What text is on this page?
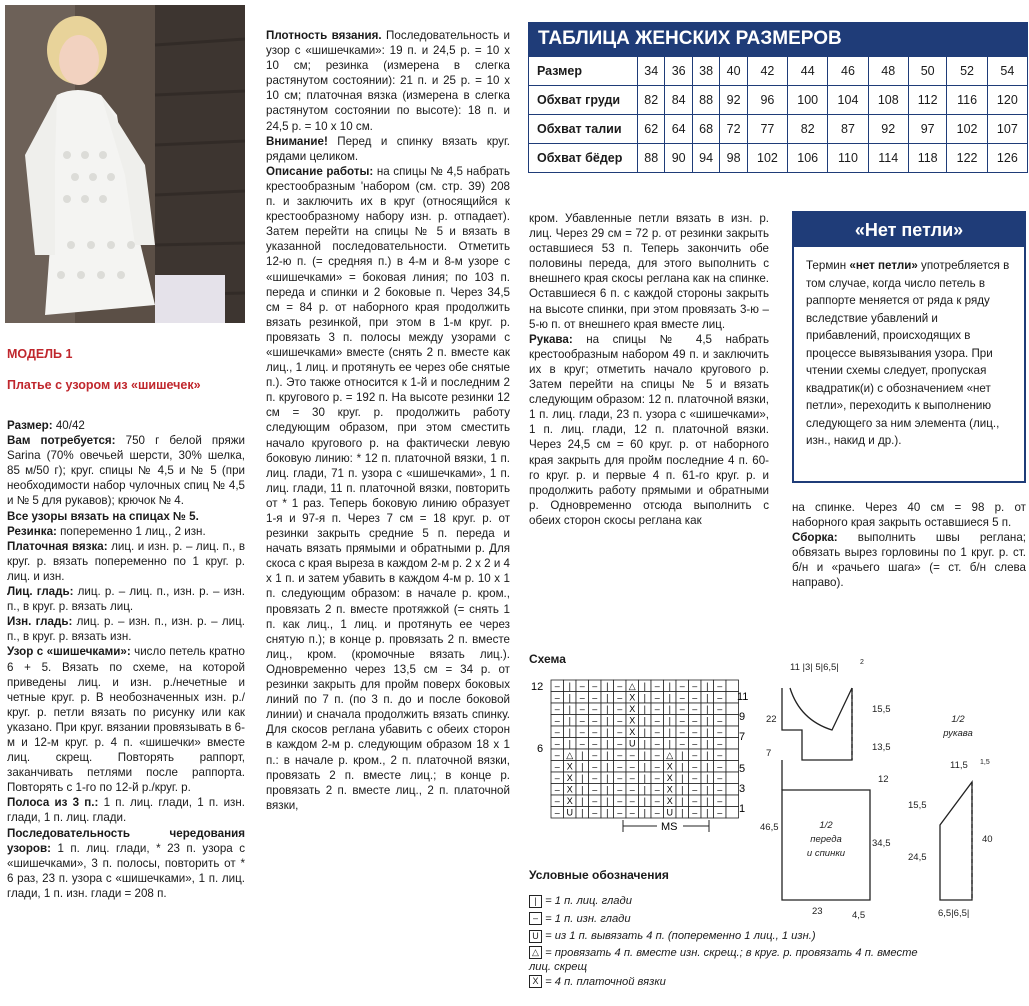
МОДЕЛЬ 1
Платье с узором из «шишечек»

Размер: 40/42

Вам потребуется: 750 г белой пряжи Sarina (70% овечьей шерсти, 30% шелка, 85 м/50 г); круг. спицы № 4,5 и № 5 (при необходимости набор чулочных спиц № 4,5 и № 5 для рукавов); крючок № 4.

Все узоры вязать на спицах № 5.

Резинка: попеременно 1 лиц., 2 изн.

Платочная вязка: лиц. и изн. р. – лиц. п., в круг. р. вязать попеременно по 1 круг. р. лиц. и изн.

Лиц. гладь: лиц. р. – лиц. п., изн. р. – изн. п., в круг. р. вязать лиц.

Изн. гладь: лиц. р. – изн. п., изн. р. – лиц. п., в круг. р. вязать изн.

Узор с «шишечками»: число петель кратно 6 + 5. Вязать по схеме, на которой приведены лиц. и изн. р./нечетные и четные круг. р. В необозначенных изн. р./круг. р. петли вязать по рисунку или как указано. При круг. вязании провязывать в 6-м и 12-м круг. р. 4 п. «шишечки» вместе лиц. скрещ. Повторять раппорт, заканчивать петлями после раппорта. Повторять с 1-го по 12-й р./круг. р.

Полоса из 3 п.: 1 п. лиц. глади, 1 п. изн. глади, 1 п. лиц. глади.

Последовательность чередования узоров: 1 п. лиц. глади, * 23 п. узора с «шишечками», 3 п. полосы, повторить от * 6 раз, 23 п. узора с «шишечками», 1 п. лиц. глади, 1 п. изн. глади = 208 п.

Плотность вязания. Последовательность и узор с «шишечками»: 19 п. и 24,5 р. = 10 х 10 см; резинка (измерена в слегка растянутом состоянии): 21 п. и 25 р. = 10 х 10 см; платочная вязка (измерена в слегка растянутом состоянии по высоте): 18 п. и 24,5 р. = 10 х 10 см.

Внимание! Перед и спинку вязать круг. рядами целиком.

Описание работы: на спицы № 4,5 набрать крестообразным 'набором (см. стр. 39) 208 п. и заключить их в круг (относящийся к крестообразному набору изн. р. отпадает). Затем перейти на спицы № 5 и вязать в указанной последовательности. Отметить 12-ю п. (= средняя п.) в 4-м и 8-м узоре с «шишечками» = боковая линия; по 103 п. переда и спинки и 2 боковые п. Через 34,5 см = 84 р. от наборного края продолжить вязать резинкой, при этом в 1-м круг. р. провязать 3 п. полосы между узорами с «шишечками» вместе (снять 2 п. вместе как лиц., 1 лиц. и протянуть ее через обе снятые п.). Это также относится к 1-й и последним 2 п. кругового р. = 192 п. На высоте резинки 12 см = 30 круг. р. продолжить работу следующим образом, при этом сместить начало кругового р. на фактически левую боковую линию: * 12 п. платочной вязки, 1 п. лиц. глади, 71 п. узора с «шишечками», 1 п. лиц. глади, 11 п. платочной вязки, повторить от * 1 раз. Теперь боковую линию образует 1-я и 97-я п. Через 7 см = 18 круг. р. от резинки закрыть средние 5 п. переда и начать вязать прямыми и обратными р. Для скоса с края выреза в каждом 2-м р. 2 х 2 и 4 х 1 п. и затем убавить в каждом 4-м р. 10 х 1 п. следующим образом: в начале р. кром., провязать 2 п. вместе протяжкой (= снять 1 п. как лиц., 1 лиц. и протянуть ее через снятую п.); в конце р. провязать 2 п. вместе лиц., кром. (кромочные вязать лиц.). Одновременно через 13,5 см = 34 р. от резинки закрыть для пройм поверх боковых линий по 7 п. (по 3 п. до и после боковой линии) и сначала продолжить вязать спинку. Для скосов реглана убавить с обеих сторон в каждом 2-м р. следующим образом 18 х 1 п.: в начале р. кром., 2 п. платочной вязки, провязать 2 п. вместе лиц.; в конце р. провязать 2 п. вместе лиц., 2 п. платочной вязки,

ТАБЛИЦА ЖЕНСКИХ РАЗМЕРОВ
Размер	34	36	38	40	42	44	46	48	50	52	54
Обхват груди	82	84	88	92	96	100	104	108	112	116	120
Обхват талии	62	64	68	72	77	82	87	92	97	102	107
Обхват бёдер	88	90	94	98	102	106	110	114	118	122	126

кром. Убавленные петли вязать в изн. р. лиц. Через 29 см = 72 р. от резинки закрыть оставшиеся 53 п. Теперь закончить обе половины переда, для этого выполнить с внешнего края скосы реглана как на спинке. Оставшиеся 6 п. с каждой стороны закрыть на высоте спинки, при этом провязать 3-ю – 5-ю п. от внешнего края вместе лиц.

Рукава: на спицы № 4,5 набрать крестообразным набором 49 п. и заключить их в круг; отметить начало кругового р. Затем перейти на спицы № 5 и вязать следующим образом: 12 п. платочной вязки, 1 п. лиц. глади, 23 п. узора с «шишечками», 1 п. лиц. глади, 12 п. платочной вязки. Через 24,5 см = 60 круг. р. от наборного края закрыть для пройм последние 4 п. 60-го круг. р. и первые 4 п. 61-го круг. р. и продолжить работу прямыми и обратными р. Одновременно отсюда выполнить с обеих сторон скосы реглана как

«Нет петли»
Термин «нет петли» употребляется в том случае, когда число петель в раппорте меняется от ряда к ряду вследствие убавлений и прибавлений, происходящих в процессе вывязывания узора. При чтении схемы следует, пропуская квадратик(и) с обозначением «нет петли», переходить к выполнению следующего за ним элемента (лиц., изн., накид и др.).

на спинке. Через 40 см = 98 р. от наборного края закрыть оставшиеся 5 п.

Сборка: выполнить швы реглана; обвязать вырез горловины по 1 круг. р. ст. б/н и «рачьего шага» (= ст. б/н слева направо).

Схема
– | – – | – △ | – | – – | –
– | – – | – X | – | – – | –
– | – – | – X | – | – – | –
– | – – | – X | – | – – | –
– | – – | – X | – | – – | –
– | – – | – U | – | – – | –
– △ | – | – – | – △ | – | –
– X | – | – – | – X | – | –
– X | – | – – | – X | – | –
– X | – | – – | – X | – | –
– X | – | – – | – X | – | –
– U | – | – – | – U | – | –
12
6
11
9
7
5
3
1
MS
Условные обозначения
| = 1 п. лиц. глади
– = 1 п. изн. глади
U = из 1 п. вывязать 4 п. (попеременно 1 лиц., 1 изн.)
△ = провязать 4 п. вместе изн. скрещ.; в круг. р. провязать 4 п. вместе лиц. скрещ
X = 4 п. платочной вязки
11 |3| 5|6,5|	2
15,5
22
7
13,5
12
46,5
34,5
23	4,5
11,5 1,5
15,5
40
24,5
6,5|6,5|
1/2
переда
и спинки
1/2
рукава
